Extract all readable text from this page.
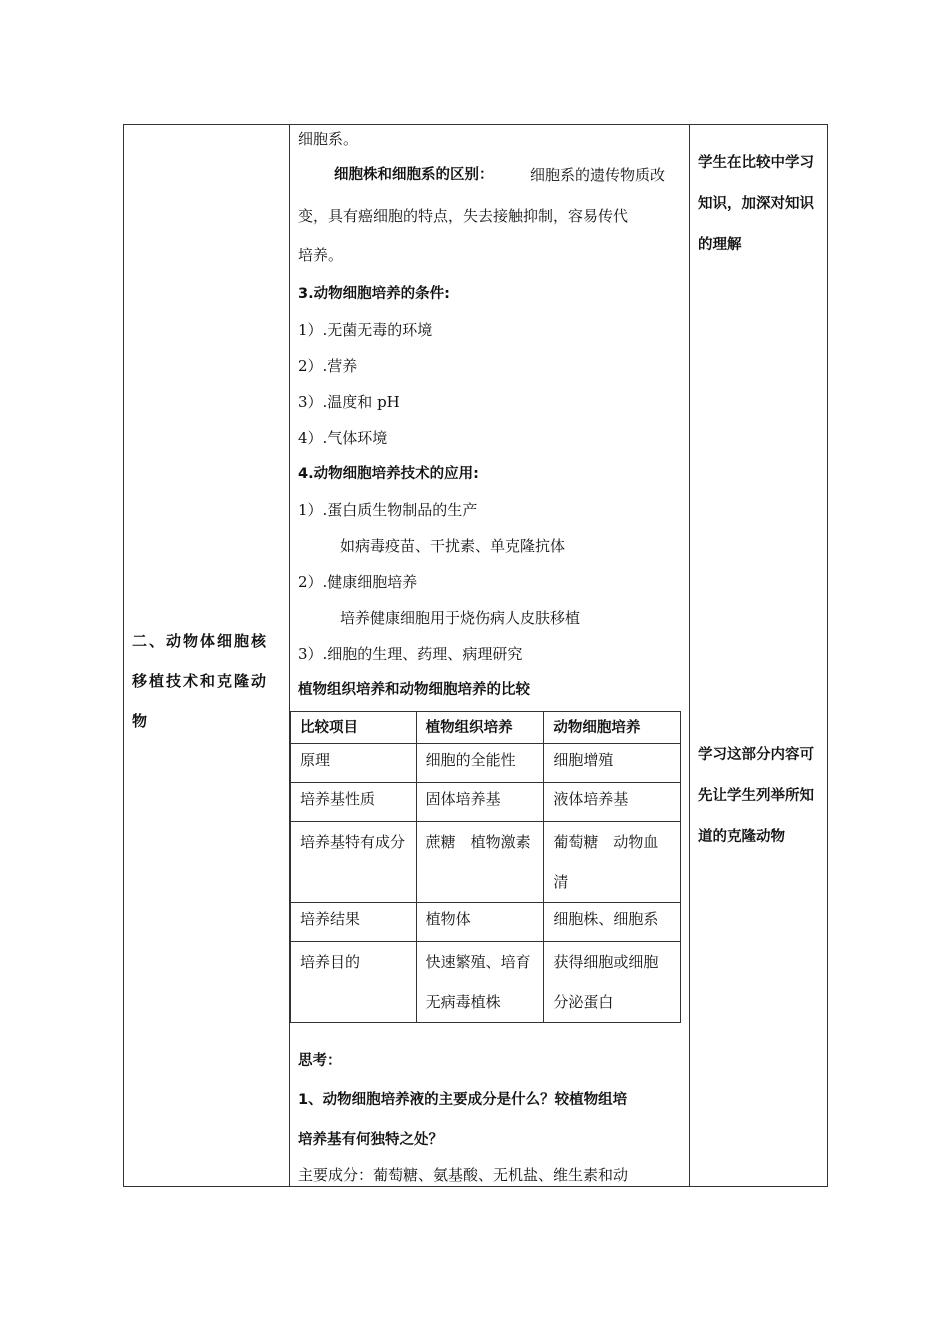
二、动物体细胞核移植技术和克隆动物
细胞系。
细胞株和细胞系的区别： 细胞系的遗传物质改
变，具有癌细胞的特点，失去接触抑制，容易传代
培养。
3.动物细胞培养的条件:
1）.无菌无毒的环境
2）.营养
3）.温度和 pH
4）.气体环境
4.动物细胞培养技术的应用:
1）.蛋白质生物制品的生产
如病毒疫苗、干扰素、单克隆抗体
2）.健康细胞培养
培养健康细胞用于烧伤病人皮肤移植
3）.细胞的生理、药理、病理研究
植物组织培养和动物细胞培养的比较
比较项目	植物组织培养	动物细胞培养
原理	细胞的全能性	细胞增殖
培养基性质	固体培养基	液体培养基
培养基特有成分	蔗糖　植物激素	葡萄糖　动物血清
培养结果	植物体	细胞株、细胞系
培养目的	快速繁殖、培育无病毒植株	获得细胞或细胞分泌蛋白
思考：
1、动物细胞培养液的主要成分是什么？较植物组培
培养基有何独特之处？
主要成分：葡萄糖、氨基酸、无机盐、维生素和动
学生在比较中学习知识，加深对知识的理解
学习这部分内容可先让学生列举所知道的克隆动物
